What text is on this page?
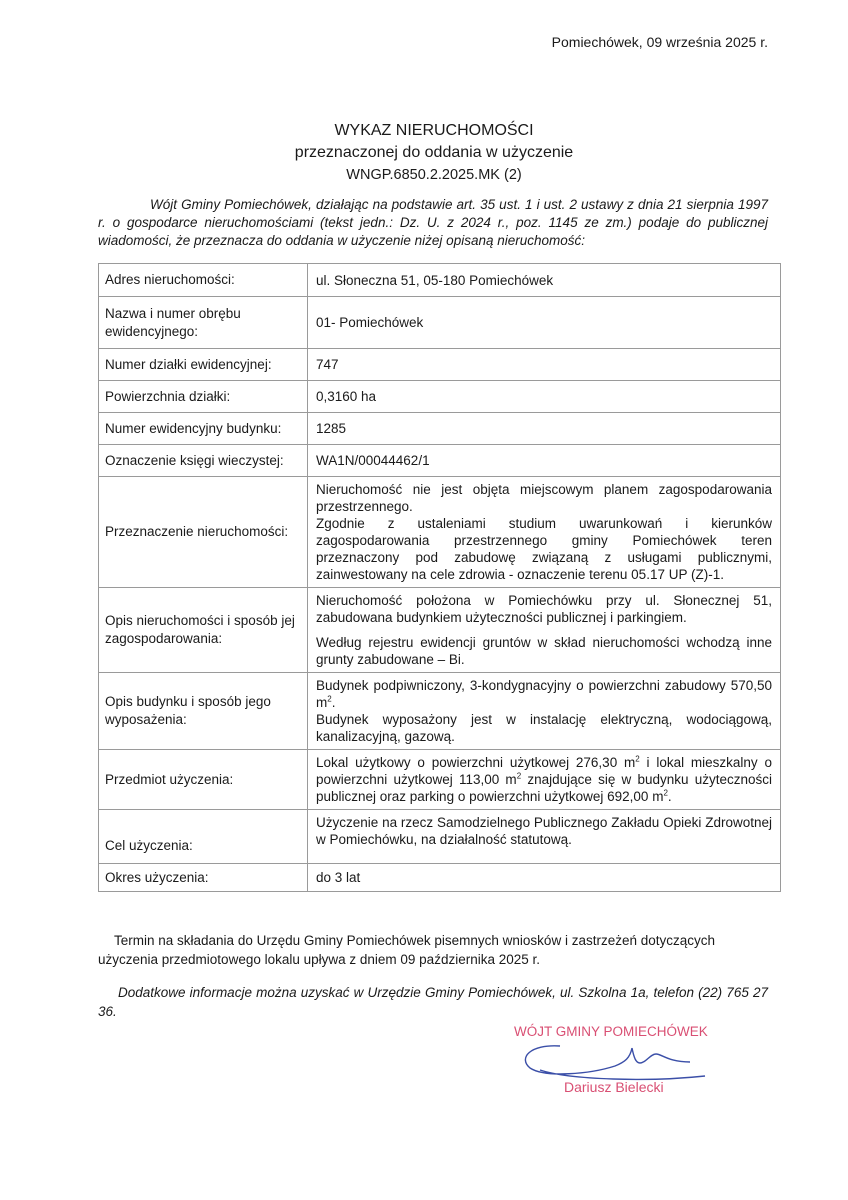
Pomiechówek, 09 września 2025 r.
WYKAZ NIERUCHOMOŚCI
przeznaczonej do oddania w użyczenie
WNGP.6850.2.2025.MK (2)
Wójt Gminy Pomiechówek, działając na podstawie art. 35 ust. 1 i ust. 2 ustawy z dnia 21 sierpnia 1997 r. o gospodarce nieruchomościami (tekst jedn.: Dz. U. z 2024 r., poz. 1145 ze zm.) podaje do publicznej wiadomości, że przeznacza do oddania w użyczenie niżej opisaną nieruchomość:
Adres nieruchomości:	ul. Słoneczna 51, 05-180 Pomiechówek
Nazwa i numer obrębu ewidencyjnego:	01- Pomiechówek
Numer działki ewidencyjnej:	747
Powierzchnia działki:	0,3160 ha
Numer ewidencyjny budynku:	1285
Oznaczenie księgi wieczystej:	WA1N/00044462/1
Przeznaczenie nieruchomości:	Nieruchomość nie jest objęta miejscowym planem zagospodarowania przestrzennego.

Zgodnie z ustaleniami studium uwarunkowań i kierunków zagospodarowania przestrzennego gminy Pomiechówek teren przeznaczony pod zabudowę związaną z usługami publicznymi, zainwestowany na cele zdrowia - oznaczenie terenu 05.17 UP (Z)-1.

Opis nieruchomości i sposób jej zagospodarowania:	Nieruchomość położona w Pomiechówku przy ul. Słonecznej 51, zabudowana budynkiem użyteczności publicznej i parkingiem.

Według rejestru ewidencji gruntów w skład nieruchomości wchodzą inne grunty zabudowane – Bi.

Opis budynku i sposób jego wyposażenia:	Budynek podpiwniczony, 3-kondygnacyjny o powierzchni zabudowy 570,50 $m^2$.

Budynek wyposażony jest w instalację elektryczną, wodociągową, kanalizacyjną, gazową.

Przedmiot użyczenia:	Lokal użytkowy o powierzchni użytkowej 276,30 $m^2$ i lokal mieszkalny o powierzchni użytkowej 113,00 $m^2$ znajdujące się w budynku użyteczności publicznej oraz parking o powierzchni użytkowej 692,00 $m^2$.

Cel użyczenia:	Użyczenie na rzecz Samodzielnego Publicznego Zakładu Opieki Zdrowotnej w Pomiechówku, na działalność statutową.
Okres użyczenia:	do 3 lat
Termin na składania do Urzędu Gminy Pomiechówek pisemnych wniosków i zastrzeżeń dotyczących użyczenia przedmiotowego lokalu upływa z dniem 09 października 2025 r.
Dodatkowe informacje można uzyskać w Urzędzie Gminy Pomiechówek, ul. Szkolna 1a, telefon (22) 765 27 36.
WÓJT GMINY POMIECHÓWEK
Dariusz Bielecki
